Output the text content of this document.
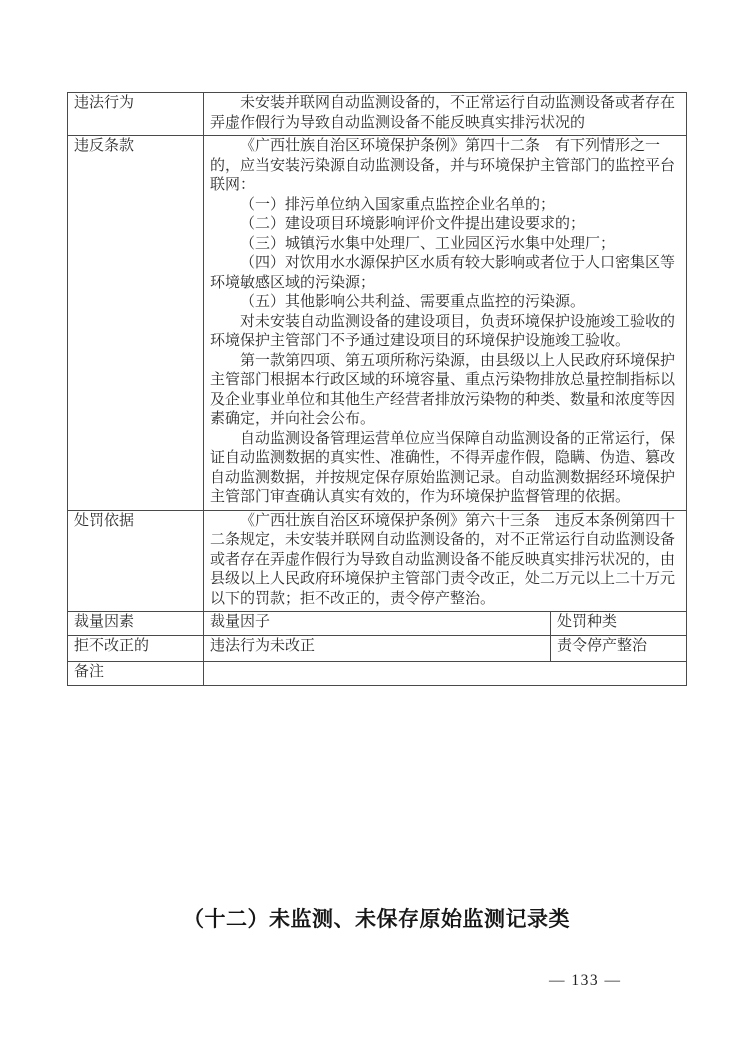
违法行为	未安装并联网自动监测设备的，不正常运行自动监测设备或者存在弄虚作假行为导致自动监测设备不能反映真实排污状况的	

违反条款	《广西壮族自治区环境保护条例》第四十二条　有下列情形之一的，应当安装污染源自动监测设备，并与环境保护主管部门的监控平台联网：

（一）排污单位纳入国家重点监控企业名单的；

（二）建设项目环境影响评价文件提出建设要求的；

（三）城镇污水集中处理厂、工业园区污水集中处理厂；

（四）对饮用水水源保护区水质有较大影响或者位于人口密集区等环境敏感区域的污染源；

（五）其他影响公共利益、需要重点监控的污染源。

对未安装自动监测设备的建设项目，负责环境保护设施竣工验收的环境保护主管部门不予通过建设项目的环境保护设施竣工验收。

第一款第四项、第五项所称污染源，由县级以上人民政府环境保护主管部门根据本行政区域的环境容量、重点污染物排放总量控制指标以及企业事业单位和其他生产经营者排放污染物的种类、数量和浓度等因素确定，并向社会公布。

自动监测设备管理运营单位应当保障自动监测设备的正常运行，保证自动监测数据的真实性、准确性，不得弄虚作假，隐瞒、伪造、篡改自动监测数据，并按规定保存原始监测记录。自动监测数据经环境保护主管部门审查确认真实有效的，作为环境保护监督管理的依据。

处罚依据	《广西壮族自治区环境保护条例》第六十三条　违反本条例第四十二条规定，未安装并联网自动监测设备的，对不正常运行自动监测设备或者存在弄虚作假行为导致自动监测设备不能反映真实排污状况的，由县级以上人民政府环境保护主管部门责令改正，处二万元以上二十万元以下的罚款；拒不改正的，责令停产整治。	

裁量因素	裁量因子	处罚种类
拒不改正的	违法行为未改正	责令停产整治
备注		
（十二）未监测、未保存原始监测记录类
— 133 —
